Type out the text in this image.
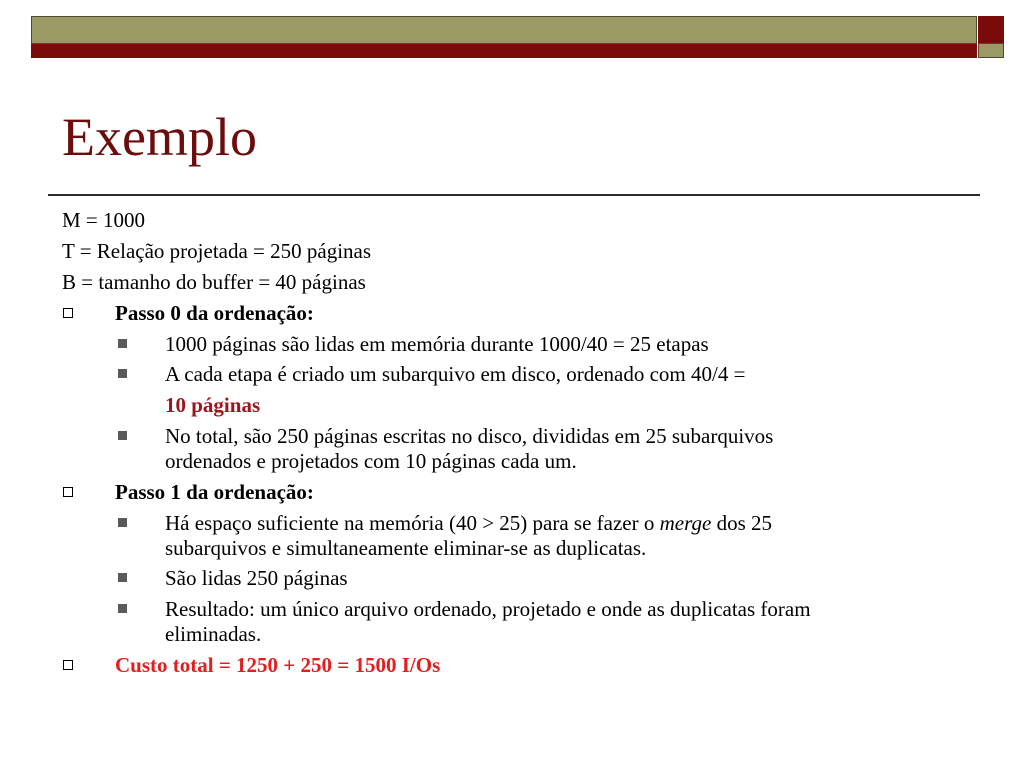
Exemplo
M = 1000
T = Relação projetada = 250 páginas
B = tamanho do buffer = 40 páginas
Passo 0 da ordenação:
1000 páginas são lidas em memória durante 1000/40 = 25 etapas
A cada etapa é criado um subarquivo em disco, ordenado com 40/4 =
10 páginas
No total, são 250 páginas escritas no disco, divididas em 25 subarquivos
ordenados e projetados com 10 páginas cada um.
Passo 1 da ordenação:
Há espaço suficiente na memória (40 > 25) para se fazer o merge dos 25
subarquivos e simultaneamente eliminar-se as duplicatas.
São lidas 250 páginas
Resultado: um único arquivo ordenado, projetado e onde as duplicatas foram
eliminadas.
Custo total = 1250 + 250 = 1500 I/Os
